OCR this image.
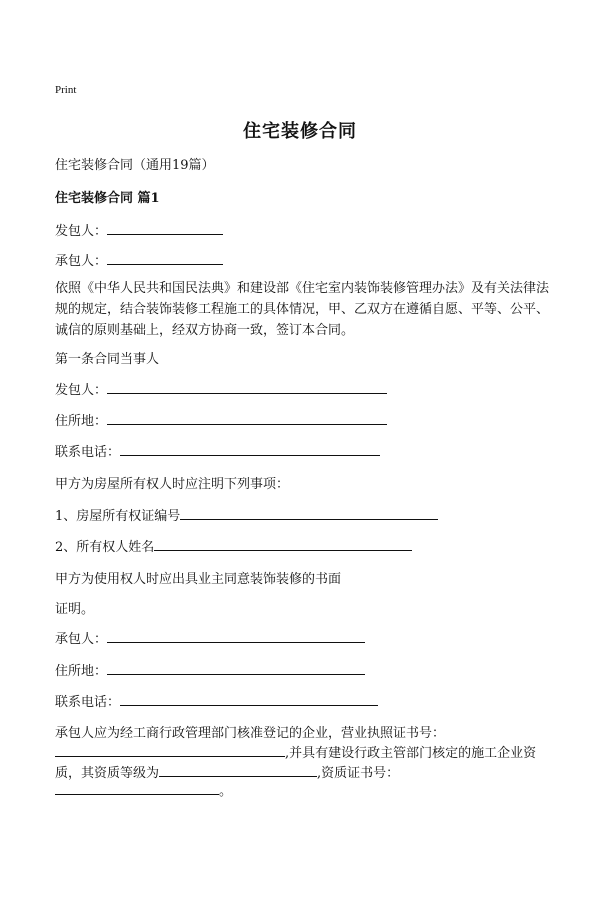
Print
住宅装修合同
住宅装修合同（通用19篇）
住宅装修合同 篇1
发包人：
承包人：
依照《中华人民共和国民法典》和建设部《住宅室内装饰装修管理办法》及有关法律法规的规定，结合装饰装修工程施工的具体情况，甲、乙双方在遵循自愿、平等、公平、诚信的原则基础上，经双方协商一致，签订本合同。
第一条合同当事人
发包人：
住所地：
联系电话：
甲方为房屋所有权人时应注明下列事项：
1、房屋所有权证编号
2、所有权人姓名
甲方为使用权人时应出具业主同意装饰装修的书面
证明。
承包人：
住所地：
联系电话：
承包人应为经工商行政管理部门核准登记的企业，营业执照证书号：
,并具有建设行政主管部门核定的施工企业资
质，其资质等级为	,资质证书号：
。
